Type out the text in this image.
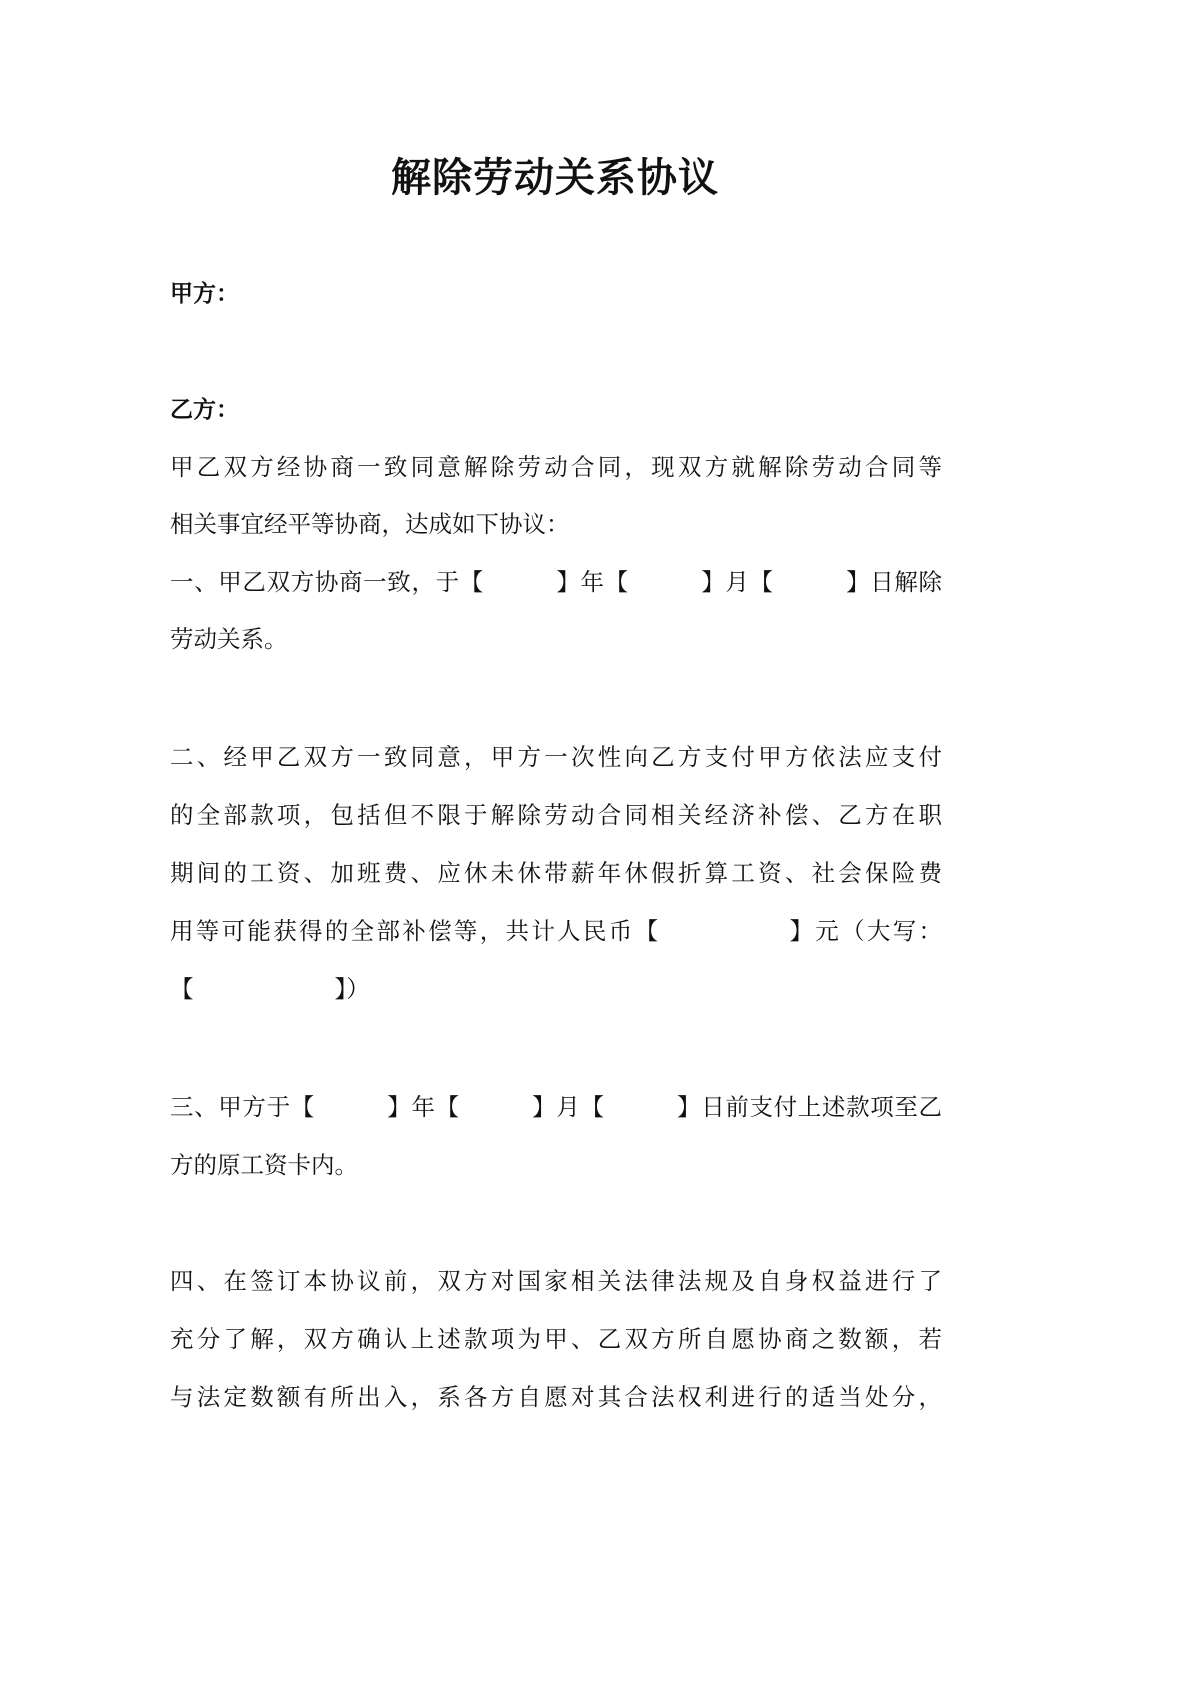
解除劳动关系协议
甲方：
乙方：
甲乙双方经协商一致同意解除劳动合同，现双方就解除劳动合同等
相关事宜经平等协商，达成如下协议：
一、甲乙双方协商一致，于【　　　】年【　　　】月【　　　】日解除
劳动关系。
二、经甲乙双方一致同意，甲方一次性向乙方支付甲方依法应支付
的全部款项，包括但不限于解除劳动合同相关经济补偿、乙方在职
期间的工资、加班费、应休未休带薪年休假折算工资、社会保险费
用等可能获得的全部补偿等，共计人民币【　　　　　】元（大写：
【　　　　　　】）
三、甲方于【　　　】年【　　　】月【　　　】日前支付上述款项至乙
方的原工资卡内。
四、在签订本协议前，双方对国家相关法律法规及自身权益进行了
充分了解，双方确认上述款项为甲、乙双方所自愿协商之数额，若
与法定数额有所出入，系各方自愿对其合法权利进行的适当处分，
